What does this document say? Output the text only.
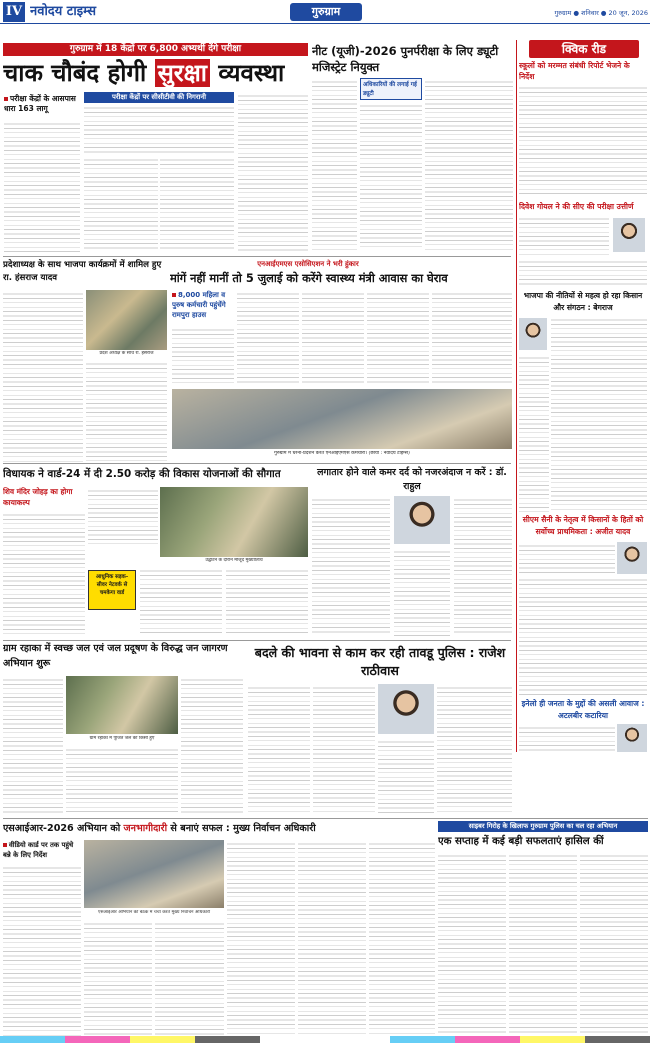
IV नवोदय टाइम्स	गुरुग्राम	गुरुग्राम ● शनिवार ● 20 जून, 2026
गुरुग्राम में 18 केंद्रों पर 6,800 अभ्यर्थी देंगे परीक्षा
चाक चौबंद होगी सुरक्षा व्यवस्था
परीक्षा केंद्रों के आसपास धारा 163 लागू
परीक्षा केंद्रों पर सीसीटीवी की निगरानी
नीट (यूजी)-2026 पुनर्परीक्षा के लिए ड्यूटी मजिस्ट्रेट नियुक्त
अधिकारियों की लगाई गई ड्यूटी
क्विक रीड
स्कूलों को मरम्मत संबंधी रिपोर्ट भेजने के निर्देश
दिवेश गोयल ने की सीए की परीक्षा उत्तीर्ण
भाजपा की नीतियों से महत्व हो रहा किसान और संगठन : बेगराज
सीएम सैनी के नेतृत्व में किसानों के हितों को सर्वोच्च प्राथमिकता : अजीत यादव
इनेलो ही जनता के मुद्दों की असली आवाज : अटलबीर कटारिया
प्रदेशाध्यक्ष के साथ भाजपा कार्यक्रमों में शामिल हुए रा. हंसराज यादव
प्रदेश अध्यक्ष के साथ रा. हंसराज
एनआईएमएस एसोसिएशन ने भरी हुंकार
मांगें नहीं मानीं तो 5 जुलाई को करेंगे स्वास्थ्य मंत्री आवास का घेराव
8,000 महिला व पुरुष कर्मचारी पहुंचेंगे रामपुरा हाउस
गुरुग्राम में धरना-प्रदर्शन करते एनआईएमएस कर्मचारी। (छाया : नवोदय टाइम्स)
विधायक ने वार्ड-24 में दी 2.50 करोड़ की विकास योजनाओं की सौगात
शिव मंदिर जोहड़ का होगा कायाकल्प
आधुनिक सड़क-सीवर नेटवर्क से चमकेगा वार्ड
उद्घाटन के दौरान मौजूद मुख्यातिथि
लगातार होने वाले कमर दर्द को नजरअंदाज न करें : डॉ. राहुल
ग्राम रहाका में स्वच्छ जल एवं जल प्रदूषण के विरुद्ध जन जागरण अभियान शुरू
ग्राम रहाका में पूजित जल को किसी हुए
बदले की भावना से काम कर रही तावडू पुलिस : राजेश राठीवास
एसआईआर-2026 अभियान को जनभागीदारी से बनाएं सफल : मुख्य निर्वाचन अधिकारी
वीडियो कार्ड पर तक पहुंचे बन्ने के लिए निर्देश
एसआईआर अभियान की बैठक में चर्चा करते मुख्य निर्वाचन अधिकारी
साइबर गिरोह के खिलाफ गुरुग्राम पुलिस का चल रहा अभियान
एक सप्ताह में कई बड़ी सफलताएं हासिल कीं
